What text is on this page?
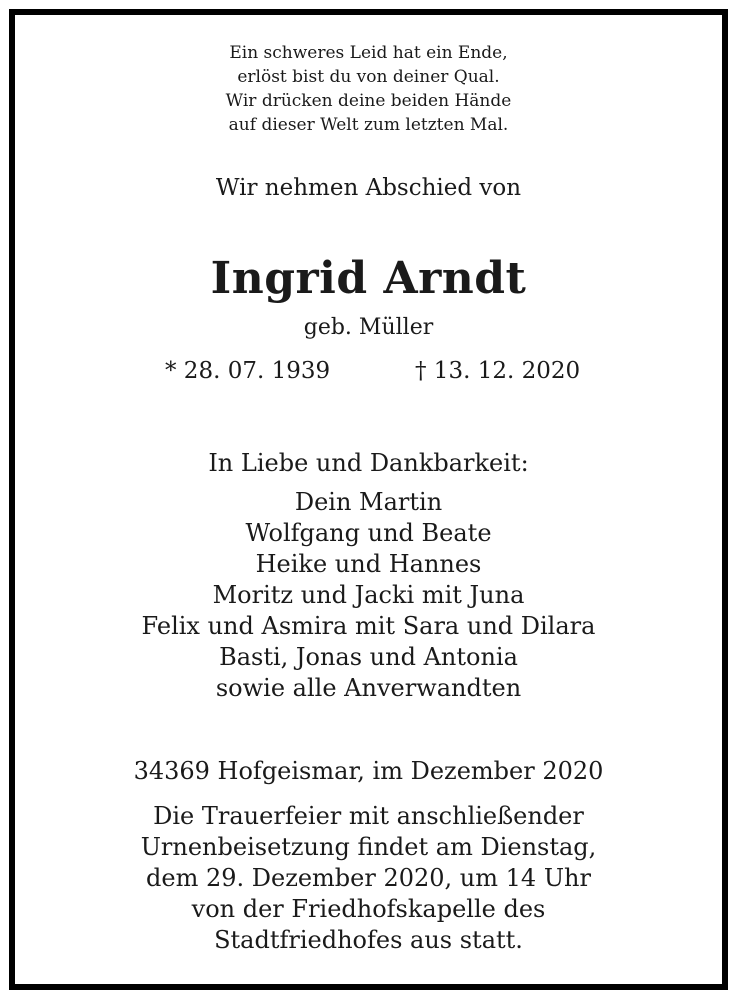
Ein schweres Leid hat ein Ende,
erlöst bist du von deiner Qual.
Wir drücken deine beiden Hände
auf dieser Welt zum letzten Mal.
Wir nehmen Abschied von
Ingrid Arndt
geb. Müller
* 28. 07. 1939	† 13. 12. 2020
In Liebe und Dankbarkeit:
Dein Martin
Wolfgang und Beate
Heike und Hannes
Moritz und Jacki mit Juna
Felix und Asmira mit Sara und Dilara
Basti, Jonas und Antonia
sowie alle Anverwandten
34369 Hofgeismar, im Dezember 2020
Die Trauerfeier mit anschließender
Urnenbeisetzung findet am Dienstag,
dem 29. Dezember 2020, um 14 Uhr
von der Friedhofskapelle des
Stadtfriedhofes aus statt.
